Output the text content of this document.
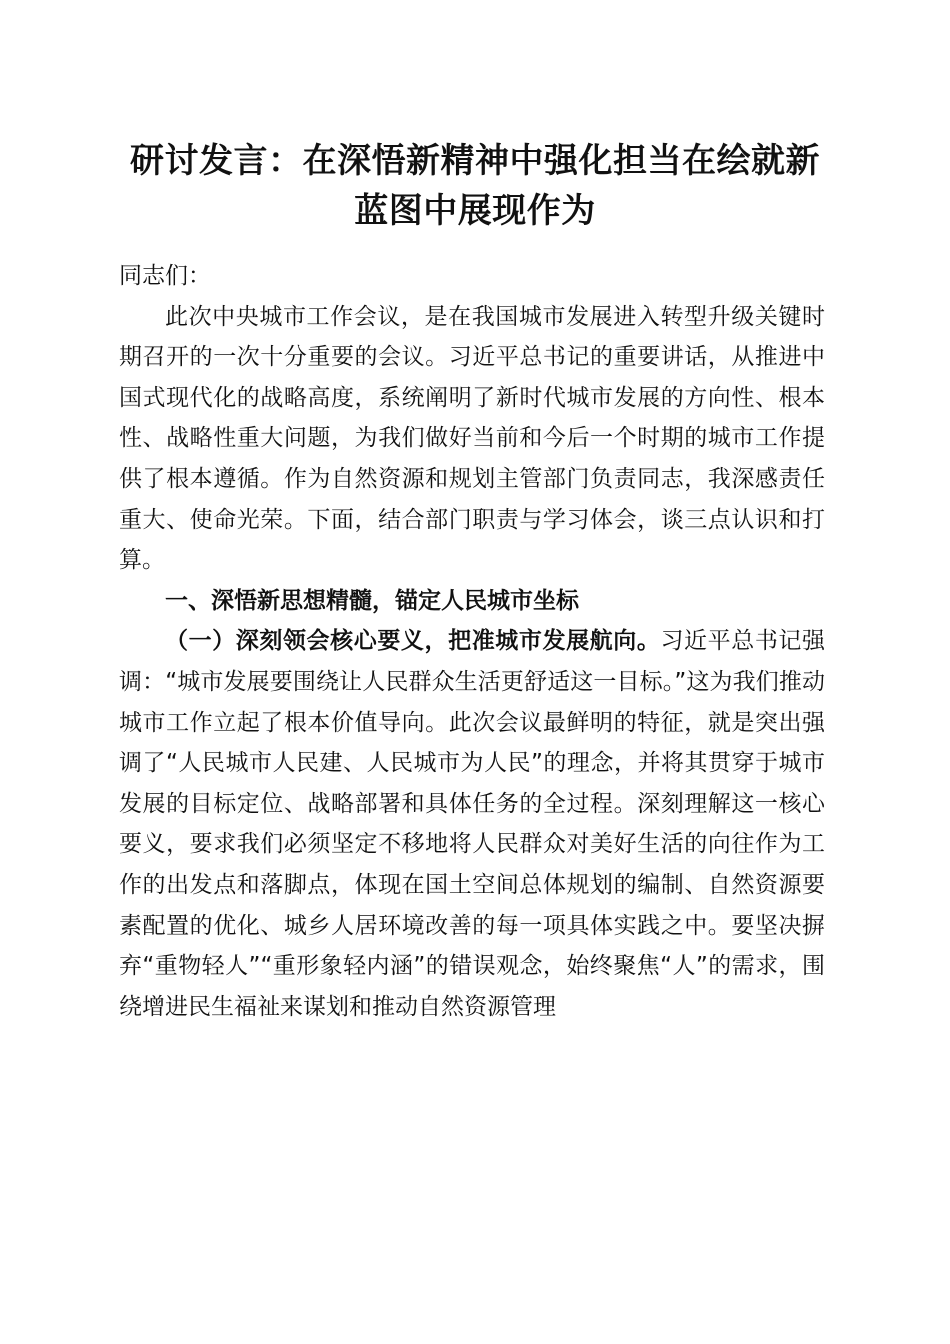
研讨发言：在深悟新精神中强化担当在绘就新
蓝图中展现作为

同志们：

此次中央城市工作会议，是在我国城市发展进入转型升级关键时期召开的一次十分重要的会议。习近平总书记的重要讲话，从推进中国式现代化的战略高度，系统阐明了新时代城市发展的方向性、根本性、战略性重大问题，为我们做好当前和今后一个时期的城市工作提供了根本遵循。作为自然资源和规划主管部门负责同志，我深感责任重大、使命光荣。下面，结合部门职责与学习体会，谈三点认识和打算。

一、深悟新思想精髓，锚定人民城市坐标

（一）深刻领会核心要义，把准城市发展航向。习近平总书记强调：“城市发展要围绕让人民群众生活更舒适这一目标。”这为我们推动城市工作立起了根本价值导向。此次会议最鲜明的特征，就是突出强调了“人民城市人民建、人民城市为人民”的理念，并将其贯穿于城市发展的目标定位、战略部署和具体任务的全过程。深刻理解这一核心要义，要求我们必须坚定不移地将人民群众对美好生活的向往作为工作的出发点和落脚点，体现在国土空间总体规划的编制、自然资源要素配置的优化、城乡人居环境改善的每一项具体实践之中。要坚决摒弃“重物轻人”“重形象轻内涵”的错误观念，始终聚焦“人”的需求，围绕增进民生福祉来谋划和推动自然资源管理
